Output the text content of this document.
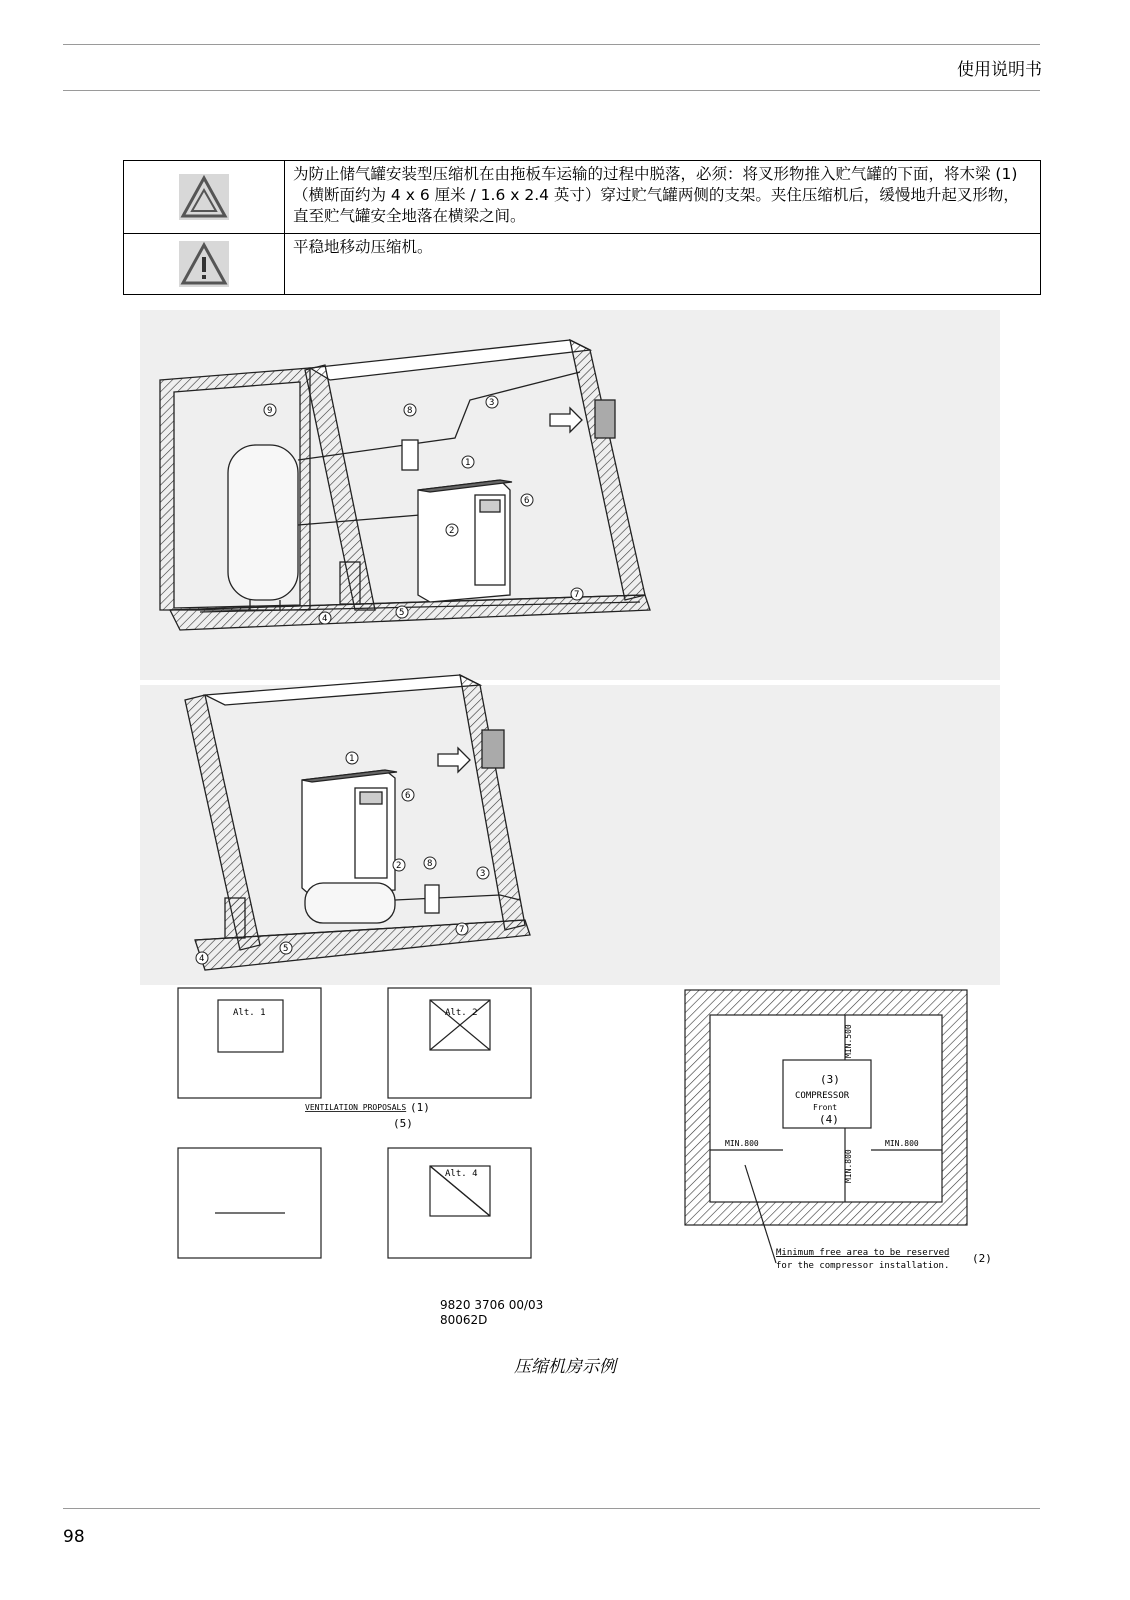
使用说明书
	为防止储气罐安装型压缩机在由拖板车运输的过程中脱落，必须：将叉形物推入贮气罐的下面，将木梁 (1)（横断面约为 4 x 6 厘米 / 1.6 x 2.4 英寸）穿过贮气罐两侧的支架。夹住压缩机后，缓慢地升起叉形物，直至贮气罐安全地落在横梁之间。
	平稳地移动压缩机。
9	8
3
1
6
2
4
5
7
1
6
2	8
3
7
5
4
Alt. 1	Alt. 2
Alt. 4
VENTILATION PROPOSALS (1)
(5)
(3)
COMPRESSOR
Front
(4)
MIN.500
MIN.800	MIN.800
MIN.800
Minimum free area to be reserved
for the compressor installation.
(2)
9820 3706 00/03
80062D
压缩机房示例
98
